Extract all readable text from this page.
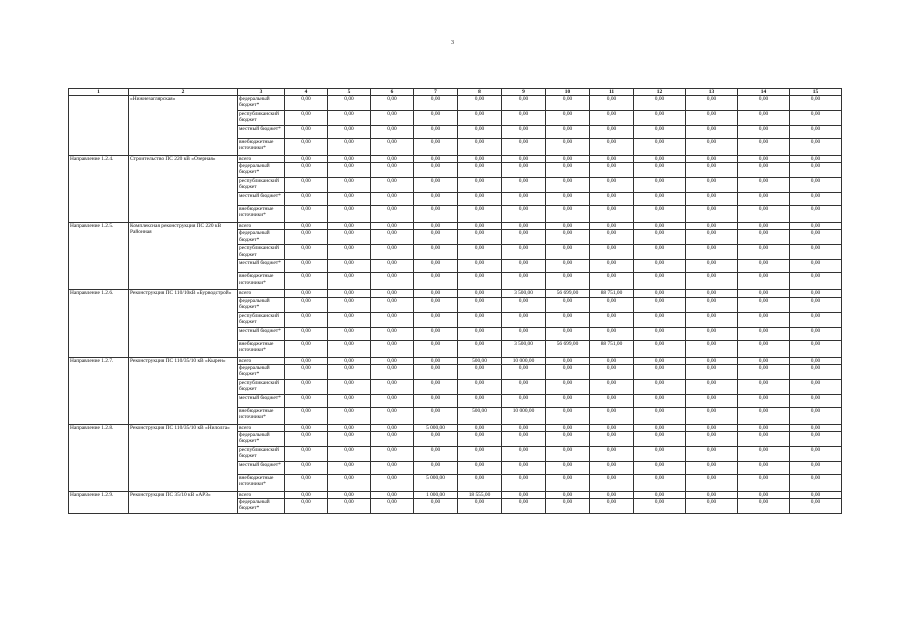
3
1	2	3	4	5	6	7	8	9	10	11	12	13	14	15
	«Нижнезаглярская»	федеральный бюджет*	0,00	0,00	0,00	0,00	0,00	0,00	0,00	0,00	0,00	0,00	0,00	0,00
		республиканский бюджет	0,00	0,00	0,00	0,00	0,00	0,00	0,00	0,00	0,00	0,00	0,00	0,00
		местный бюджет*	0,00	0,00	0,00	0,00	0,00	0,00	0,00	0,00	0,00	0,00	0,00	0,00
		внебюджетные источники*	0,00	0,00	0,00	0,00	0,00	0,00	0,00	0,00	0,00	0,00	0,00	0,00
Направление 1.2.4.	Строительство ПС 220 кВ «Озерная»	всего	0,00	0,00	0,00	0,00	0,00	0,00	0,00	0,00	0,00	0,00	0,00	0,00
		федеральный бюджет*	0,00	0,00	0,00	0,00	0,00	0,00	0,00	0,00	0,00	0,00	0,00	0,00
		республиканский бюджет	0,00	0,00	0,00	0,00	0,00	0,00	0,00	0,00	0,00	0,00	0,00	0,00
		местный бюджет*	0,00	0,00	0,00	0,00	0,00	0,00	0,00	0,00	0,00	0,00	0,00	0,00
		внебюджетные источники*	0,00	0,00	0,00	0,00	0,00	0,00	0,00	0,00	0,00	0,00	0,00	0,00
Направление 1.2.5.	Комплексная реконструкция ПС 220 кВ Районная	всего	0,00	0,00	0,00	0,00	0,00	0,00	0,00	0,00	0,00	0,00	0,00	0,00
		федеральный бюджет*	0,00	0,00	0,00	0,00	0,00	0,00	0,00	0,00	0,00	0,00	0,00	0,00
		республиканский бюджет	0,00	0,00	0,00	0,00	0,00	0,00	0,00	0,00	0,00	0,00	0,00	0,00
		местный бюджет*	0,00	0,00	0,00	0,00	0,00	0,00	0,00	0,00	0,00	0,00	0,00	0,00
		внебюджетные источники*	0,00	0,00	0,00	0,00	0,00	0,00	0,00	0,00	0,00	0,00	0,00	0,00
Направление 1.2.6.	Реконструкция ПС 110/10кВ «Бурводстрой»	всего	0,00	0,00	0,00	0,00	0,00	3 500,00	56 699,00	88 751,00	0,00	0,00	0,00	0,00
		федеральный бюджет*	0,00	0,00	0,00	0,00	0,00	0,00	0,00	0,00	0,00	0,00	0,00	0,00
		республиканский бюджет	0,00	0,00	0,00	0,00	0,00	0,00	0,00	0,00	0,00	0,00	0,00	0,00
		местный бюджет*	0,00	0,00	0,00	0,00	0,00	0,00	0,00	0,00	0,00	0,00	0,00	0,00
		внебюджетные источники*	0,00	0,00	0,00	0,00	0,00	3 500,00	56 699,00	88 751,00	0,00	0,00	0,00	0,00
Направление 1.2.7.	Реконструкция ПС 110/35/10 кВ «Кырен»	всего	0,00	0,00	0,00	0,00	500,00	10 000,00	0,00	0,00	0,00	0,00	0,00	0,00
		федеральный бюджет*	0,00	0,00	0,00	0,00	0,00	0,00	0,00	0,00	0,00	0,00	0,00	0,00
		республиканский бюджет	0,00	0,00	0,00	0,00	0,00	0,00	0,00	0,00	0,00	0,00	0,00	0,00
		местный бюджет*	0,00	0,00	0,00	0,00	0,00	0,00	0,00	0,00	0,00	0,00	0,00	0,00
		внебюджетные источники*	0,00	0,00	0,00	0,00	500,00	10 000,00	0,00	0,00	0,00	0,00	0,00	0,00
Направление 1.2.8.	Реконструкция ПС 110/35/10 кВ «Нилолга»	всего	0,00	0,00	0,00	5 000,00	0,00	0,00	0,00	0,00	0,00	0,00	0,00	0,00
		федеральный бюджет*	0,00	0,00	0,00	0,00	0,00	0,00	0,00	0,00	0,00	0,00	0,00	0,00
		республиканский бюджет	0,00	0,00	0,00	0,00	0,00	0,00	0,00	0,00	0,00	0,00	0,00	0,00
		местный бюджет*	0,00	0,00	0,00	0,00	0,00	0,00	0,00	0,00	0,00	0,00	0,00	0,00
		внебюджетные источники*	0,00	0,00	0,00	5 000,00	0,00	0,00	0,00	0,00	0,00	0,00	0,00	0,00
Направление 1.2.9.	Реконструкция ПС 35/10 кВ «АРЗ»	всего	0,00	0,00	0,00	1 000,00	18 555,00	0,00	0,00	0,00	0,00	0,00	0,00	0,00
		федеральный бюджет*	0,00	0,00	0,00	0,00	0,00	0,00	0,00	0,00	0,00	0,00	0,00	0,00
